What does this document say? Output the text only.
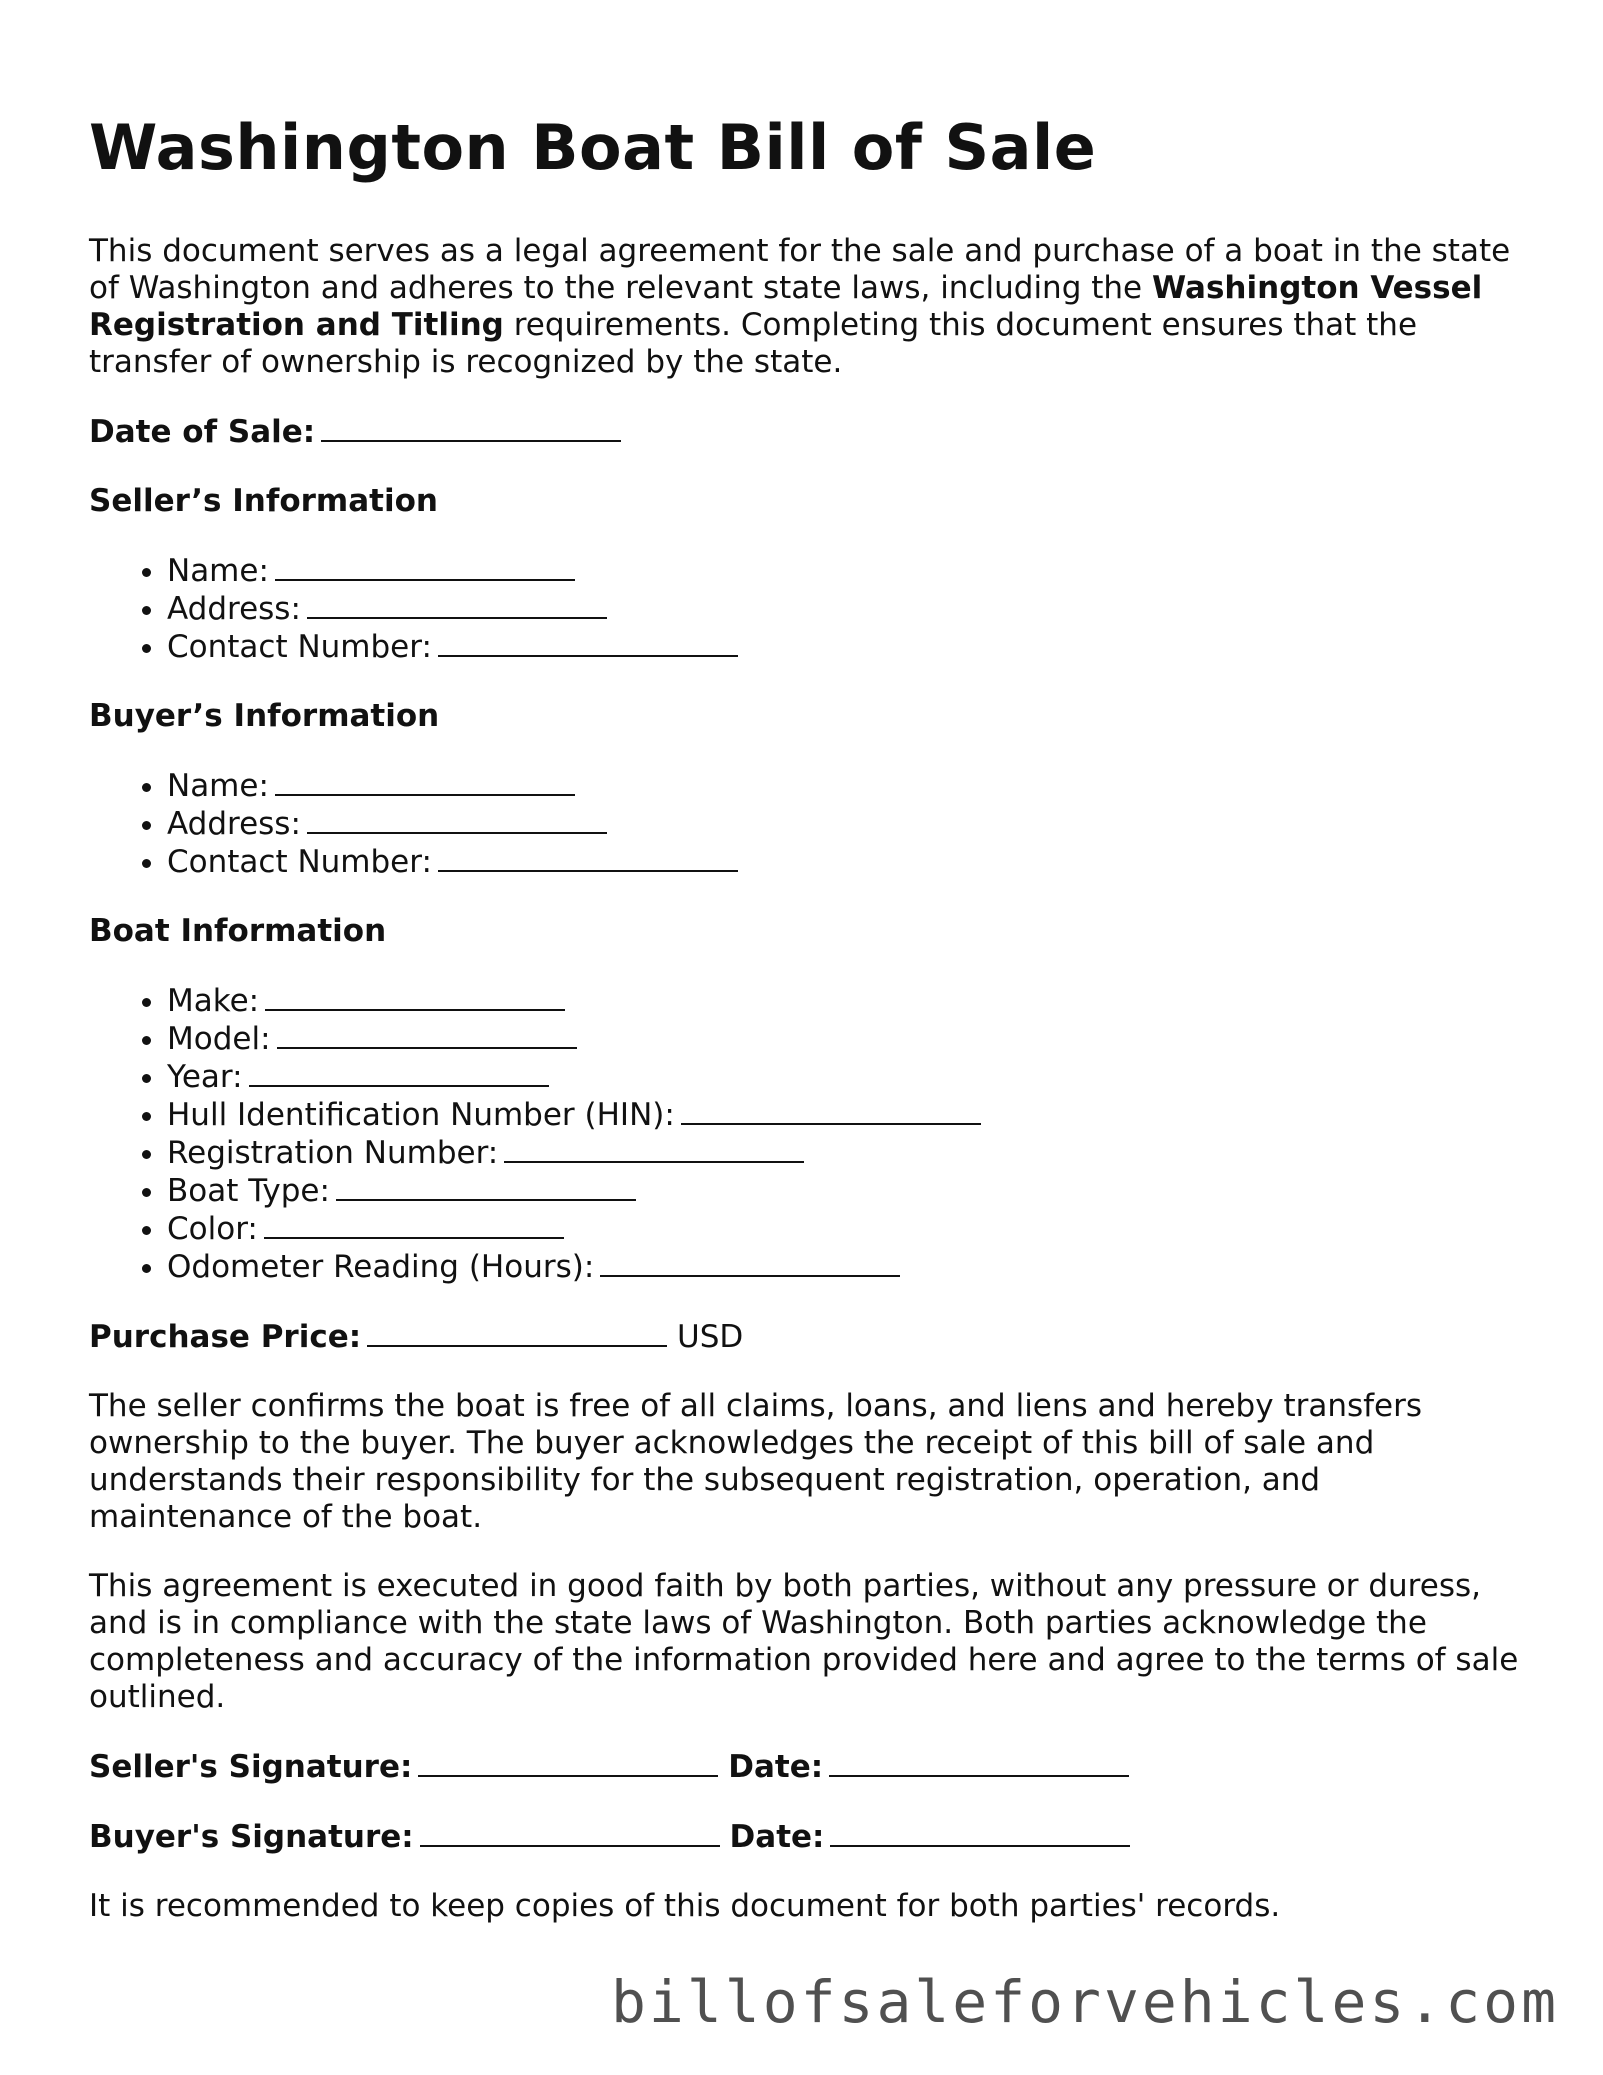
Washington Boat Bill of Sale

This document serves as a legal agreement for the sale and purchase of a boat in the state of Washington and adheres to the relevant state laws, including the Washington Vessel Registration and Titling requirements. Completing this document ensures that the transfer of ownership is recognized by the state.

Date of Sale:
Seller’s Information
• Name:
• Address:
• Contact Number:
Buyer’s Information
• Name:
• Address:
• Contact Number:
Boat Information
• Make:
• Model:
• Year:
• Hull Identification Number (HIN):
• Registration Number:
• Boat Type:
• Color:
• Odometer Reading (Hours):
Purchase Price:	USD

The seller confirms the boat is free of all claims, loans, and liens and hereby transfers ownership to the buyer. The buyer acknowledges the receipt of this bill of sale and understands their responsibility for the subsequent registration, operation, and maintenance of the boat.

This agreement is executed in good faith by both parties, without any pressure or duress, and is in compliance with the state laws of Washington. Both parties acknowledge the completeness and accuracy of the information provided here and agree to the terms of sale outlined.

Seller's Signature:	Date:
Buyer's Signature:	Date:

It is recommended to keep copies of this document for both parties' records.

billofsaleforvehicles.com
